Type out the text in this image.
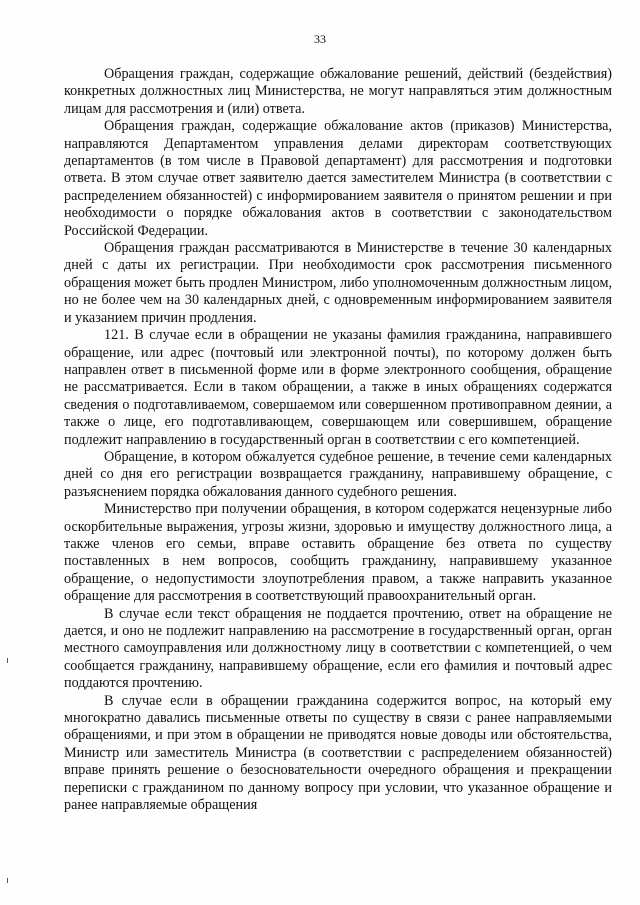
33

Обращения граждан, содержащие обжалование решений, действий (бездействия) конкретных должностных лиц Министерства, не могут направляться этим должностным лицам для рассмотрения и (или) ответа.

Обращения граждан, содержащие обжалование актов (приказов) Министерства, направляются Департаментом управления делами директорам соответствующих департаментов (в том числе в Правовой департамент) для рассмотрения и подготовки ответа. В этом случае ответ заявителю дается заместителем Министра (в соответствии с распределением обязанностей) с информированием заявителя о принятом решении и при необходимости о порядке обжалования актов в соответствии с законодательством Российской Федерации.

Обращения граждан рассматриваются в Министерстве в течение 30 календарных дней с даты их регистрации. При необходимости срок рассмотрения письменного обращения может быть продлен Министром, либо уполномоченным должностным лицом, но не более чем на 30 календарных дней, с одновременным информированием заявителя и указанием причин продления.

121. В случае если в обращении не указаны фамилия гражданина, направившего обращение, или адрес (почтовый или электронной почты), по которому должен быть направлен ответ в письменной форме или в форме электронного сообщения, обращение не рассматривается. Если в таком обращении, а также в иных обращениях содержатся сведения о подготавливаемом, совершаемом или совершенном противоправном деянии, а также о лице, его подготавливающем, совершающем или совершившем, обращение подлежит направлению в государственный орган в соответствии с его компетенцией.

Обращение, в котором обжалуется судебное решение, в течение семи календарных дней со дня его регистрации возвращается гражданину, направившему обращение, с разъяснением порядка обжалования данного судебного решения.

Министерство при получении обращения, в котором содержатся нецензурные либо оскорбительные выражения, угрозы жизни, здоровью и имуществу должностного лица, а также членов его семьи, вправе оставить обращение без ответа по существу поставленных в нем вопросов, сообщить гражданину, направившему указанное обращение, о недопустимости злоупотребления правом, а также направить указанное обращение для рассмотрения в соответствующий правоохранительный орган.

В случае если текст обращения не поддается прочтению, ответ на обращение не дается, и оно не подлежит направлению на рассмотрение в государственный орган, орган местного самоуправления или должностному лицу в соответствии с компетенцией, о чем сообщается гражданину, направившему обращение, если его фамилия и почтовый адрес поддаются прочтению.

В случае если в обращении гражданина содержится вопрос, на который ему многократно давались письменные ответы по существу в связи с ранее направляемыми обращениями, и при этом в обращении не приводятся новые доводы или обстоятельства, Министр или заместитель Министра (в соответствии с распределением обязанностей) вправе принять решение о безосновательности очередного обращения и прекращении переписки с гражданином по данному вопросу при условии, что указанное обращение и ранее направляемые обращения
